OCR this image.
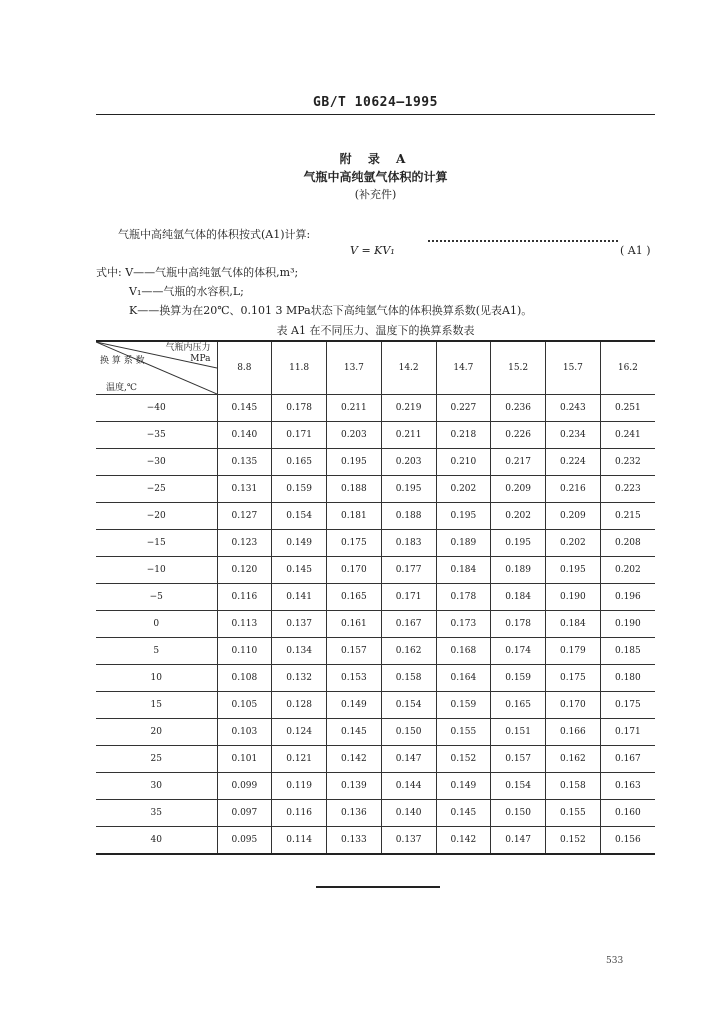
GB/T 10624—1995
附 录 A
气瓶中高纯氩气体积的计算
(补充件)
气瓶中高纯氩气体的体积按式(A1)计算:
V = KV₁	( A1 )
式中: V——气瓶中高纯氩气体的体积,m³;
V₁——气瓶的水容积,L;
K——换算为在20℃、0.101 3 MPa状态下高纯氩气体的体积换算系数(见表A1)。
表 A1 在不同压力、温度下的换算系数表
气瓶内压力
MPa
换 算 系 数
温度,℃	8.8	11.8	13.7	14.2	14.7	15.2	15.7	16.2
−40	0.145	0.178	0.211	0.219	0.227	0.236	0.243	0.251
−35	0.140	0.171	0.203	0.211	0.218	0.226	0.234	0.241
−30	0.135	0.165	0.195	0.203	0.210	0.217	0.224	0.232
−25	0.131	0.159	0.188	0.195	0.202	0.209	0.216	0.223
−20	0.127	0.154	0.181	0.188	0.195	0.202	0.209	0.215
−15	0.123	0.149	0.175	0.183	0.189	0.195	0.202	0.208
−10	0.120	0.145	0.170	0.177	0.184	0.189	0.195	0.202
−5	0.116	0.141	0.165	0.171	0.178	0.184	0.190	0.196
0	0.113	0.137	0.161	0.167	0.173	0.178	0.184	0.190
5	0.110	0.134	0.157	0.162	0.168	0.174	0.179	0.185
10	0.108	0.132	0.153	0.158	0.164	0.159	0.175	0.180
15	0.105	0.128	0.149	0.154	0.159	0.165	0.170	0.175
20	0.103	0.124	0.145	0.150	0.155	0.151	0.166	0.171
25	0.101	0.121	0.142	0.147	0.152	0.157	0.162	0.167
30	0.099	0.119	0.139	0.144	0.149	0.154	0.158	0.163
35	0.097	0.116	0.136	0.140	0.145	0.150	0.155	0.160
40	0.095	0.114	0.133	0.137	0.142	0.147	0.152	0.156
533
